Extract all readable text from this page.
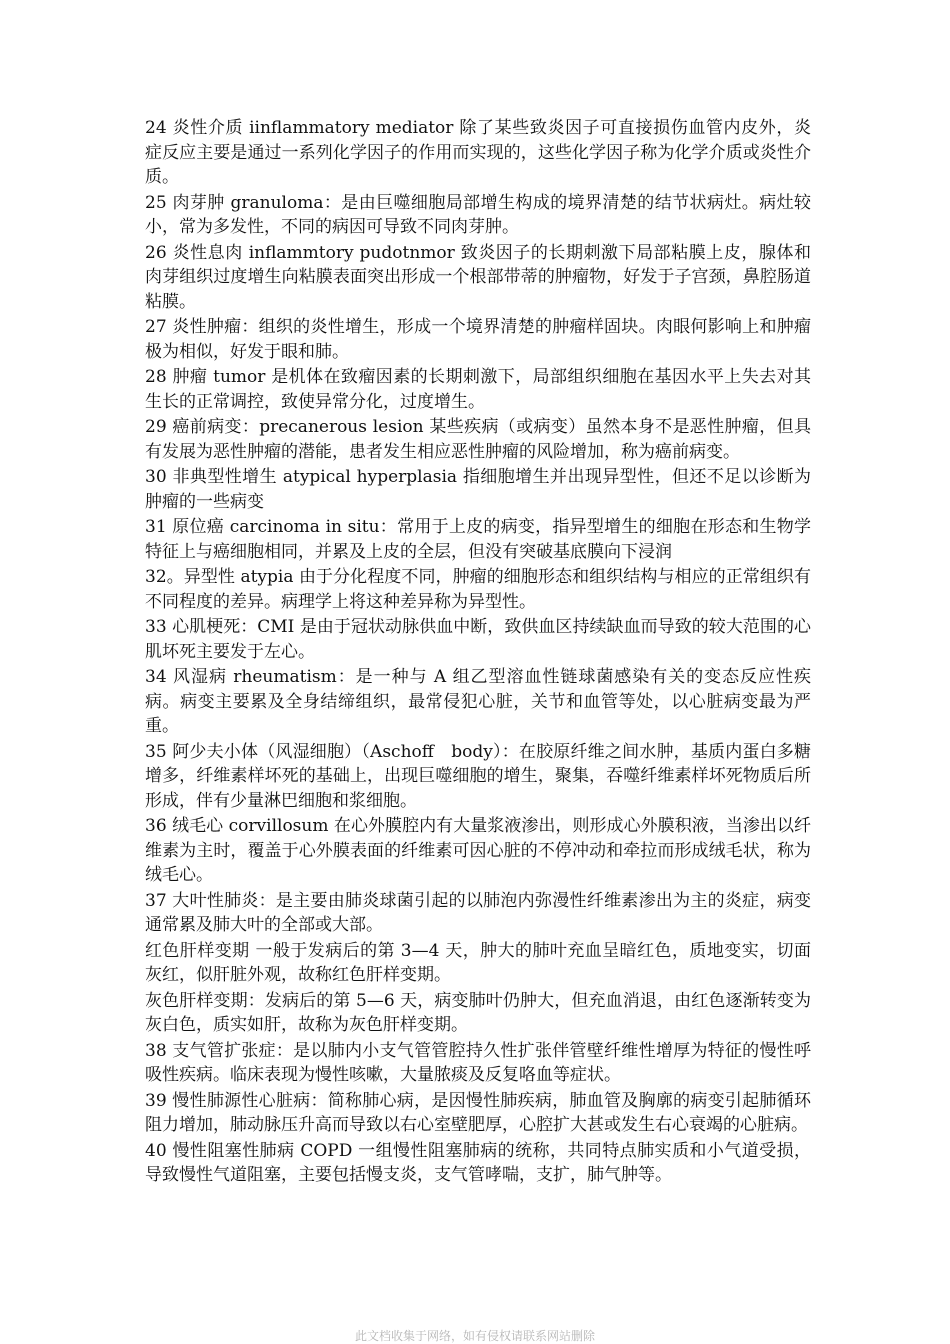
24 炎性介质 iinflammatory mediator 除了某些致炎因子可直接损伤血管内皮外，炎症反应主要是通过一系列化学因子的作用而实现的，这些化学因子称为化学介质或炎性介质。

25 肉芽肿 granuloma：是由巨噬细胞局部增生构成的境界清楚的结节状病灶。病灶较小，常为多发性，不同的病因可导致不同肉芽肿。

26 炎性息肉 inflammtory pudotnmor 致炎因子的长期刺激下局部粘膜上皮，腺体和肉芽组织过度增生向粘膜表面突出形成一个根部带蒂的肿瘤物，好发于子宫颈，鼻腔肠道粘膜。

27 炎性肿瘤：组织的炎性增生，形成一个境界清楚的肿瘤样固块。肉眼何影响上和肿瘤极为相似，好发于眼和肺。

28 肿瘤 tumor 是机体在致瘤因素的长期刺激下，局部组织细胞在基因水平上失去对其生长的正常调控，致使异常分化，过度增生。

29 癌前病变：precanerous lesion 某些疾病（或病变）虽然本身不是恶性肿瘤，但具有发展为恶性肿瘤的潜能，患者发生相应恶性肿瘤的风险增加，称为癌前病变。

30 非典型性增生 atypical hyperplasia 指细胞增生并出现异型性，但还不足以诊断为肿瘤的一些病变

31 原位癌 carcinoma in situ：常用于上皮的病变，指异型增生的细胞在形态和生物学特征上与癌细胞相同，并累及上皮的全层，但没有突破基底膜向下浸润

32。异型性 atypia 由于分化程度不同，肿瘤的细胞形态和组织结构与相应的正常组织有不同程度的差异。病理学上将这种差异称为异型性。

33 心肌梗死：CMI 是由于冠状动脉供血中断，致供血区持续缺血而导致的较大范围的心肌坏死主要发于左心。

34 风湿病 rheumatism：是一种与 A 组乙型溶血性链球菌感染有关的变态反应性疾病。病变主要累及全身结缔组织，最常侵犯心脏，关节和血管等处，以心脏病变最为严重。

35 阿少夫小体（风湿细胞）（Aschoff　body）：在胶原纤维之间水肿，基质内蛋白多糖增多，纤维素样坏死的基础上，出现巨噬细胞的增生，聚集，吞噬纤维素样坏死物质后所形成，伴有少量淋巴细胞和浆细胞。

36 绒毛心 corvillosum 在心外膜腔内有大量浆液渗出，则形成心外膜积液，当渗出以纤维素为主时，覆盖于心外膜表面的纤维素可因心脏的不停冲动和牵拉而形成绒毛状，称为绒毛心。

37 大叶性肺炎：是主要由肺炎球菌引起的以肺泡内弥漫性纤维素渗出为主的炎症，病变通常累及肺大叶的全部或大部。

红色肝样变期 一般于发病后的第 3—4 天，肿大的肺叶充血呈暗红色，质地变实，切面灰红，似肝脏外观，故称红色肝样变期。

灰色肝样变期：发病后的第 5—6 天，病变肺叶仍肿大，但充血消退，由红色逐渐转变为灰白色，质实如肝，故称为灰色肝样变期。

38 支气管扩张症：是以肺内小支气管管腔持久性扩张伴管壁纤维性增厚为特征的慢性呼吸性疾病。临床表现为慢性咳嗽，大量脓痰及反复咯血等症状。

39 慢性肺源性心脏病：简称肺心病，是因慢性肺疾病，肺血管及胸廓的病变引起肺循环阻力增加，肺动脉压升高而导致以右心室壁肥厚，心腔扩大甚或发生右心衰竭的心脏病。

40 慢性阻塞性肺病 COPD 一组慢性阻塞肺病的统称，共同特点肺实质和小气道受损，导致慢性气道阻塞，主要包括慢支炎，支气管哮喘，支扩，肺气肿等。

此文档收集于网络，如有侵权请联系网站删除
